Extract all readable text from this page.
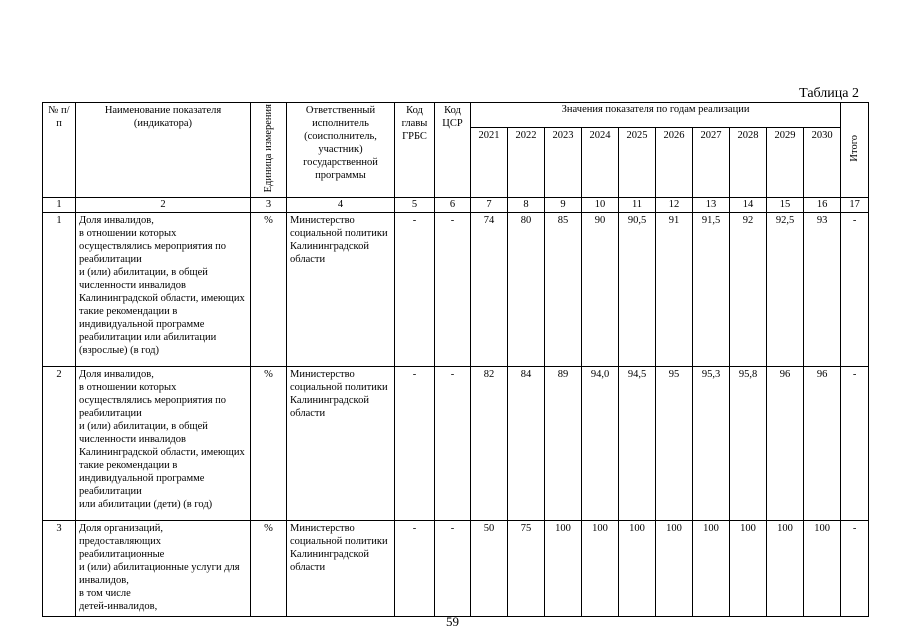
Таблица 2
№ п/п	Наименование показателя (индикатора)	Единица измерения	Ответственный исполнитель (соисполнитель, участник) государственной программы	Код главы ГРБС	Код ЦСР	Значения показателя по годам реализации										Итого
						2021	2022	2023	2024	2025	2026	2027	2028	2029	2030	
1	2	3	4	5	6	7	8	9	10	11	12	13	14	15	16	17
1	Доля инвалидов,
в отношении которых осуществлялись мероприятия по реабилитации
и (или) абилитации, в общей численности инвалидов Калининградской области, имеющих такие рекомендации в индивидуальной программе реабилитации или абилитации (взрослые) (в год)	%	Министерство социальной политики Калининградской области	-	-	74	80	85	90	90,5	91	91,5	92	92,5	93	-
2	Доля инвалидов,
в отношении которых осуществлялись мероприятия по реабилитации
и (или) абилитации, в общей численности инвалидов Калининградской области, имеющих такие рекомендации в индивидуальной программе реабилитации
или абилитации (дети) (в год)	%	Министерство социальной политики Калининградской области	-	-	82	84	89	94,0	94,5	95	95,3	95,8	96	96	-
3	Доля организаций, предоставляющих реабилитационные
и (или) абилитационные услуги для инвалидов,
в том числе
детей-инвалидов,	%	Министерство социальной политики Калининградской области	-	-	50	75	100	100	100	100	100	100	100	100	-
59
